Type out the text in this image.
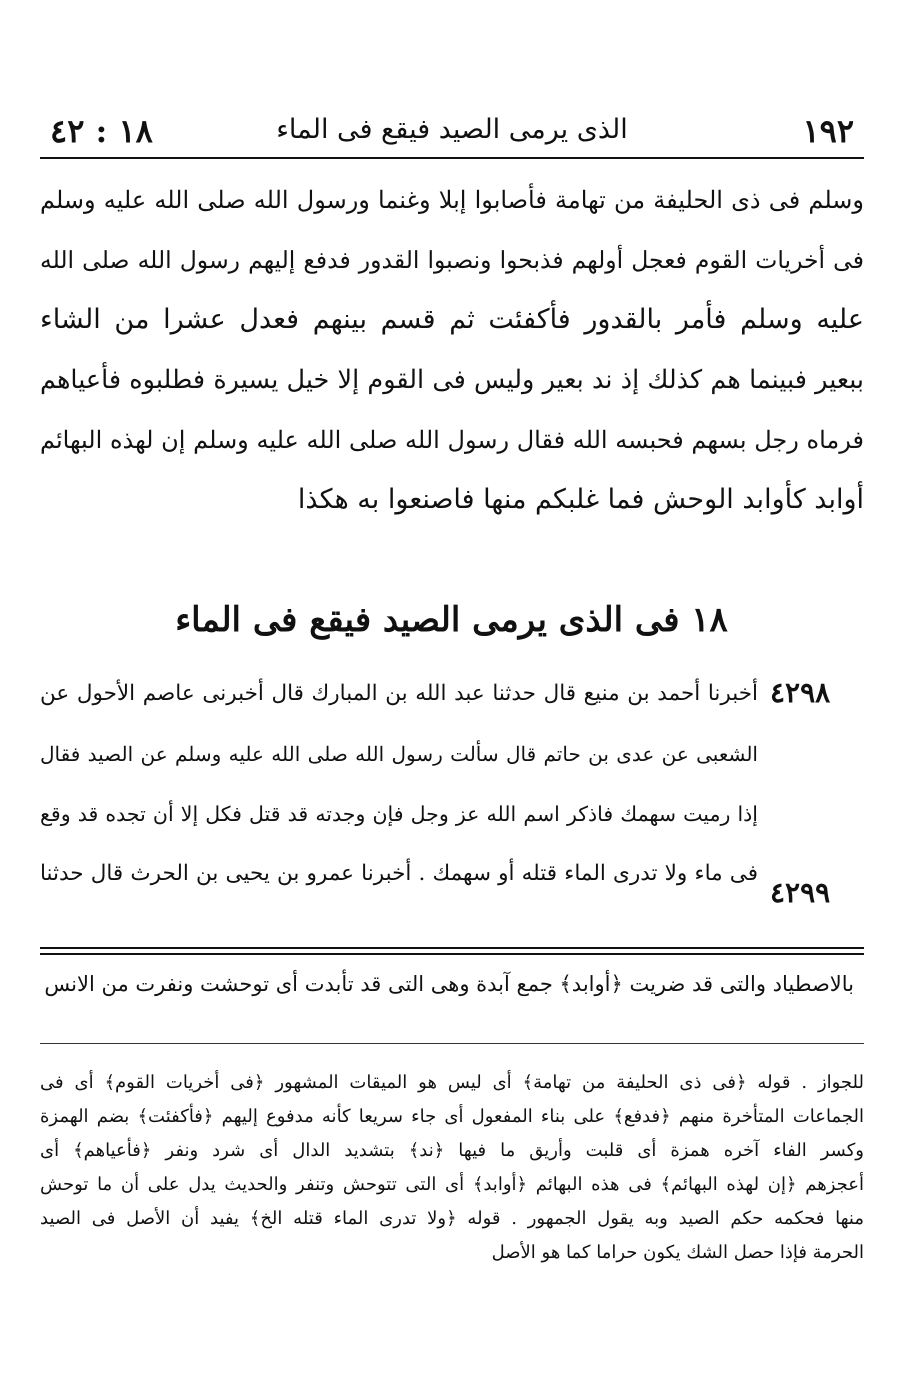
١٩٢
الذى يرمى الصيد فيقع فى الماء
١٨ : ٤٢
وسلم فى ذى الحليفة من تهامة فأصابوا إبلا وغنما ورسول الله صلى الله عليه وسلم
فى أخريات القوم فعجل أولهم فذبحوا ونصبوا القدور فدفع إليهم رسول الله صلى الله
عليه وسلم فأمر بالقدور فأكفئت ثم قسم بينهم فعدل عشرا من الشاء
ببعير فبينما هم كذلك إذ ند بعير وليس فى القوم إلا خيل يسيرة فطلبوه فأعياهم
فرماه رجل بسهم فحبسه الله فقال رسول الله صلى الله عليه وسلم إن لهذه البهائم
أوابد كأوابد الوحش فما غلبكم منها فاصنعوا به هكذا
١٨ فى الذى يرمى الصيد فيقع فى الماء
أخبرنا أحمد بن منيع قال حدثنا عبد الله بن المبارك قال أخبرنى عاصم الأحول عن
الشعبى عن عدى بن حاتم قال سألت رسول الله صلى الله عليه وسلم عن الصيد فقال
إذا رميت سهمك فاذكر اسم الله عز وجل فإن وجدته قد قتل فكل إلا أن تجده قد وقع
فى ماء ولا تدرى الماء قتله أو سهمك . أخبرنا عمرو بن يحيى بن الحرث قال حدثنا
٤٢٩٨
٤٢٩٩
بالاصطياد والتى قد ضريت ﴿أوابد﴾ جمع آبدة وهى التى قد تأبدت أى توحشت ونفرت من الانس
للجواز . قوله ﴿فى ذى الحليفة من تهامة﴾ أى ليس هو الميقات المشهور ﴿فى أخريات القوم﴾ أى فى
الجماعات المتأخرة منهم ﴿فدفع﴾ على بناء المفعول أى جاء سريعا كأنه مدفوع إليهم ﴿فأكفئت﴾ بضم الهمزة
وكسر الفاء آخره همزة أى قلبت وأريق ما فيها ﴿ند﴾ بتشديد الدال أى شرد ونفر ﴿فأعياهم﴾ أى
أعجزهم ﴿إن لهذه البهائم﴾ فى هذه البهائم ﴿أوابد﴾ أى التى تتوحش وتنفر والحديث يدل على أن ما توحش
منها فحكمه حكم الصيد وبه يقول الجمهور . قوله ﴿ولا تدرى الماء قتله الخ﴾ يفيد أن الأصل فى الصيد
الحرمة فإذا حصل الشك يكون حراما كما هو الأصل
